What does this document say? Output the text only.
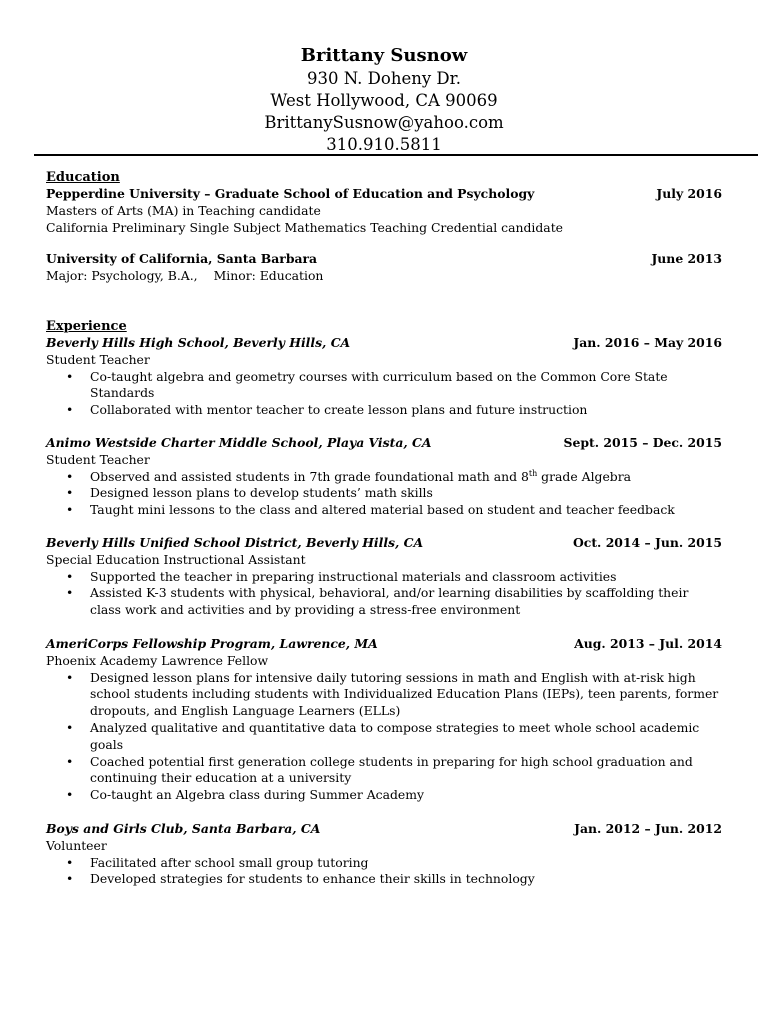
Brittany Susnow
930 N. Doheny Dr.
West Hollywood, CA 90069
BrittanySusnow@yahoo.com
310.910.5811
Education
Pepperdine University – Graduate School of Education and Psychology	July 2016
Masters of Arts (MA) in Teaching candidate
California Preliminary Single Subject Mathematics Teaching Credential candidate
University of California, Santa Barbara	June 2013
Major: Psychology, B.A., Minor: Education
Experience
Beverly Hills High School, Beverly Hills, CA	Jan. 2016 – May 2016
Student Teacher
• Co-taught algebra and geometry courses with curriculum based on the Common Core State Standards
• Collaborated with mentor teacher to create lesson plans and future instruction
Animo Westside Charter Middle School, Playa Vista, CA	Sept. 2015 – Dec. 2015
Student Teacher
• Observed and assisted students in 7th grade foundational math and 8th grade Algebra
• Designed lesson plans to develop students’ math skills
• Taught mini lessons to the class and altered material based on student and teacher feedback
Beverly Hills Unified School District, Beverly Hills, CA	Oct. 2014 – Jun. 2015
Special Education Instructional Assistant
• Supported the teacher in preparing instructional materials and classroom activities
• Assisted K-3 students with physical, behavioral, and/or learning disabilities by scaffolding their class work and activities and by providing a stress-free environment
AmeriCorps Fellowship Program, Lawrence, MA	Aug. 2013 – Jul. 2014
Phoenix Academy Lawrence Fellow
• Designed lesson plans for intensive daily tutoring sessions in math and English with at-risk high school students including students with Individualized Education Plans (IEPs), teen parents, former dropouts, and English Language Learners (ELLs)
• Analyzed qualitative and quantitative data to compose strategies to meet whole school academic goals
• Coached potential first generation college students in preparing for high school graduation and continuing their education at a university
• Co-taught an Algebra class during Summer Academy
Boys and Girls Club, Santa Barbara, CA	Jan. 2012 – Jun. 2012
Volunteer
• Facilitated after school small group tutoring
• Developed strategies for students to enhance their skills in technology
